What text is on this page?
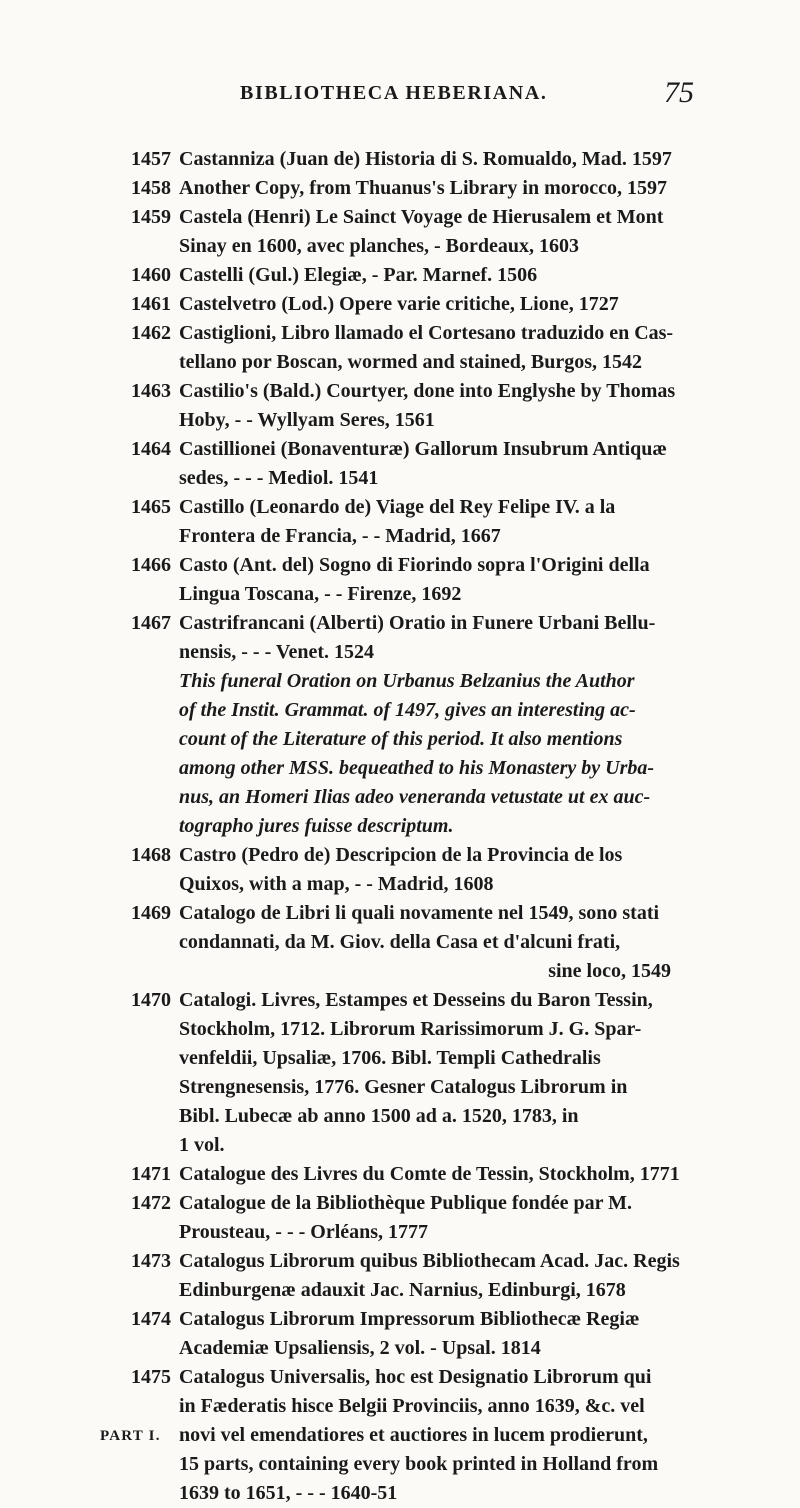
BIBLIOTHECA HEBERIANA.	75
1457 Castanniza (Juan de) Historia di S. Romualdo, Mad. 1597
1458 Another Copy, from Thuanus's Library in morocco, 1597
1459 Castela (Henri) Le Sainct Voyage de Hierusalem et Mont
Sinay en 1600, avec planches, - Bordeaux, 1603
1460 Castelli (Gul.) Elegiæ, - Par. Marnef. 1506
1461 Castelvetro (Lod.) Opere varie critiche, Lione, 1727
1462 Castiglioni, Libro llamado el Cortesano traduzido en Cas-
tellano por Boscan, wormed and stained, Burgos, 1542
1463 Castilio's (Bald.) Courtyer, done into Englyshe by Thomas
Hoby, - - Wyllyam Seres, 1561
1464 Castillionei (Bonaventuræ) Gallorum Insubrum Antiquæ
sedes, - - - Mediol. 1541
1465 Castillo (Leonardo de) Viage del Rey Felipe IV. a la
Frontera de Francia, - - Madrid, 1667
1466 Casto (Ant. del) Sogno di Fiorindo sopra l'Origini della
Lingua Toscana, - - Firenze, 1692
1467 Castrifrancani (Alberti) Oratio in Funere Urbani Bellu-
nensis, - - - Venet. 1524
This funeral Oration on Urbanus Belzanius the Author
of the Instit. Grammat. of 1497, gives an interesting ac-
count of the Literature of this period. It also mentions
among other MSS. bequeathed to his Monastery by Urba-
nus, an Homeri Ilias adeo veneranda vetustate ut ex auc-
tographo jures fuisse descriptum.
1468 Castro (Pedro de) Descripcion de la Provincia de los
Quixos, with a map, - - Madrid, 1608
1469 Catalogo de Libri li quali novamente nel 1549, sono stati
condannati, da M. Giov. della Casa et d'alcuni frati,
sine loco, 1549
1470 Catalogi. Livres, Estampes et Desseins du Baron Tessin,
Stockholm, 1712. Librorum Rarissimorum J. G. Spar-
venfeldii, Upsaliæ, 1706. Bibl. Templi Cathedralis
Strengnesensis, 1776. Gesner Catalogus Librorum in
Bibl. Lubecæ ab anno 1500 ad a. 1520, 1783, in
1 vol.
1471 Catalogue des Livres du Comte de Tessin, Stockholm, 1771
1472 Catalogue de la Bibliothèque Publique fondée par M.
Prousteau, - - - Orléans, 1777
1473 Catalogus Librorum quibus Bibliothecam Acad. Jac. Regis
Edinburgenæ adauxit Jac. Narnius, Edinburgi, 1678
1474 Catalogus Librorum Impressorum Bibliothecæ Regiæ
Academiæ Upsaliensis, 2 vol. - Upsal. 1814
1475 Catalogus Universalis, hoc est Designatio Librorum qui
in Fæderatis hisce Belgii Provinciis, anno 1639, &c. vel
novi vel emendatiores et auctiores in lucem prodierunt,
15 parts, containing every book printed in Holland from
1639 to 1651, - - - 1640-51
PART I.
